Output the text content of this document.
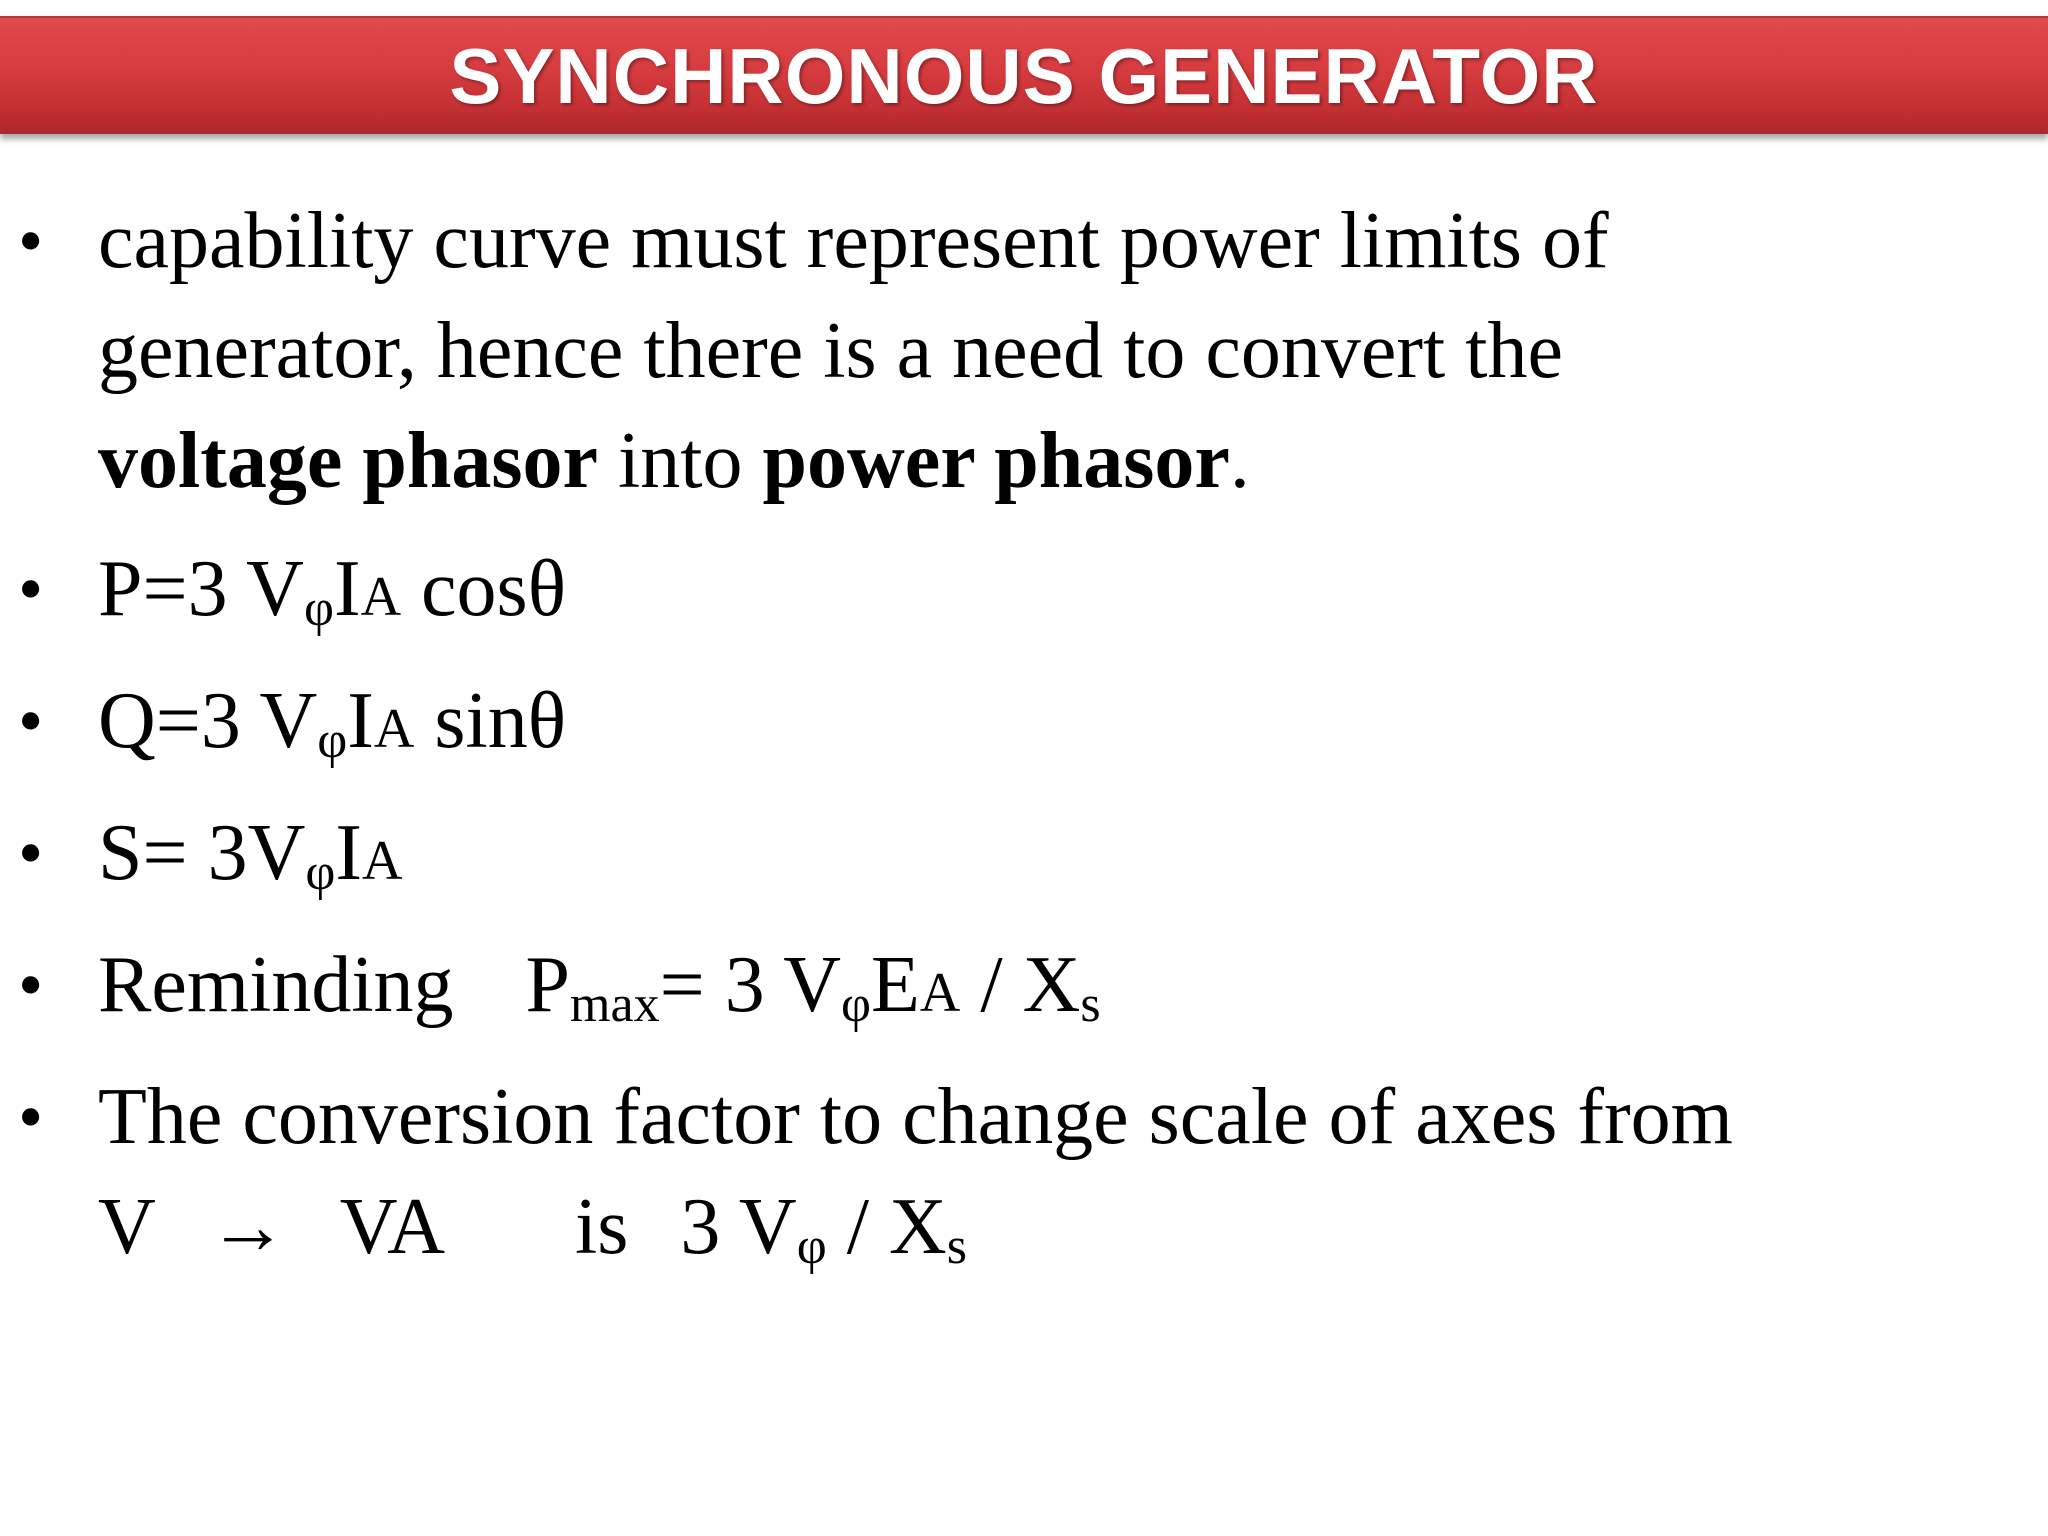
SYNCHRONOUS GENERATOR
• capability curve must represent power limits of
generator, hence there is a need to convert the
voltage phasor into power phasor.
• P=3 VφIA cosθ
• Q=3 VφIA sinθ
• S= 3VφIA
• Reminding Pmax= 3 VφEA / Xs
• The conversion factor to change scale of axes from
V → VA is 3 Vφ / Xs
